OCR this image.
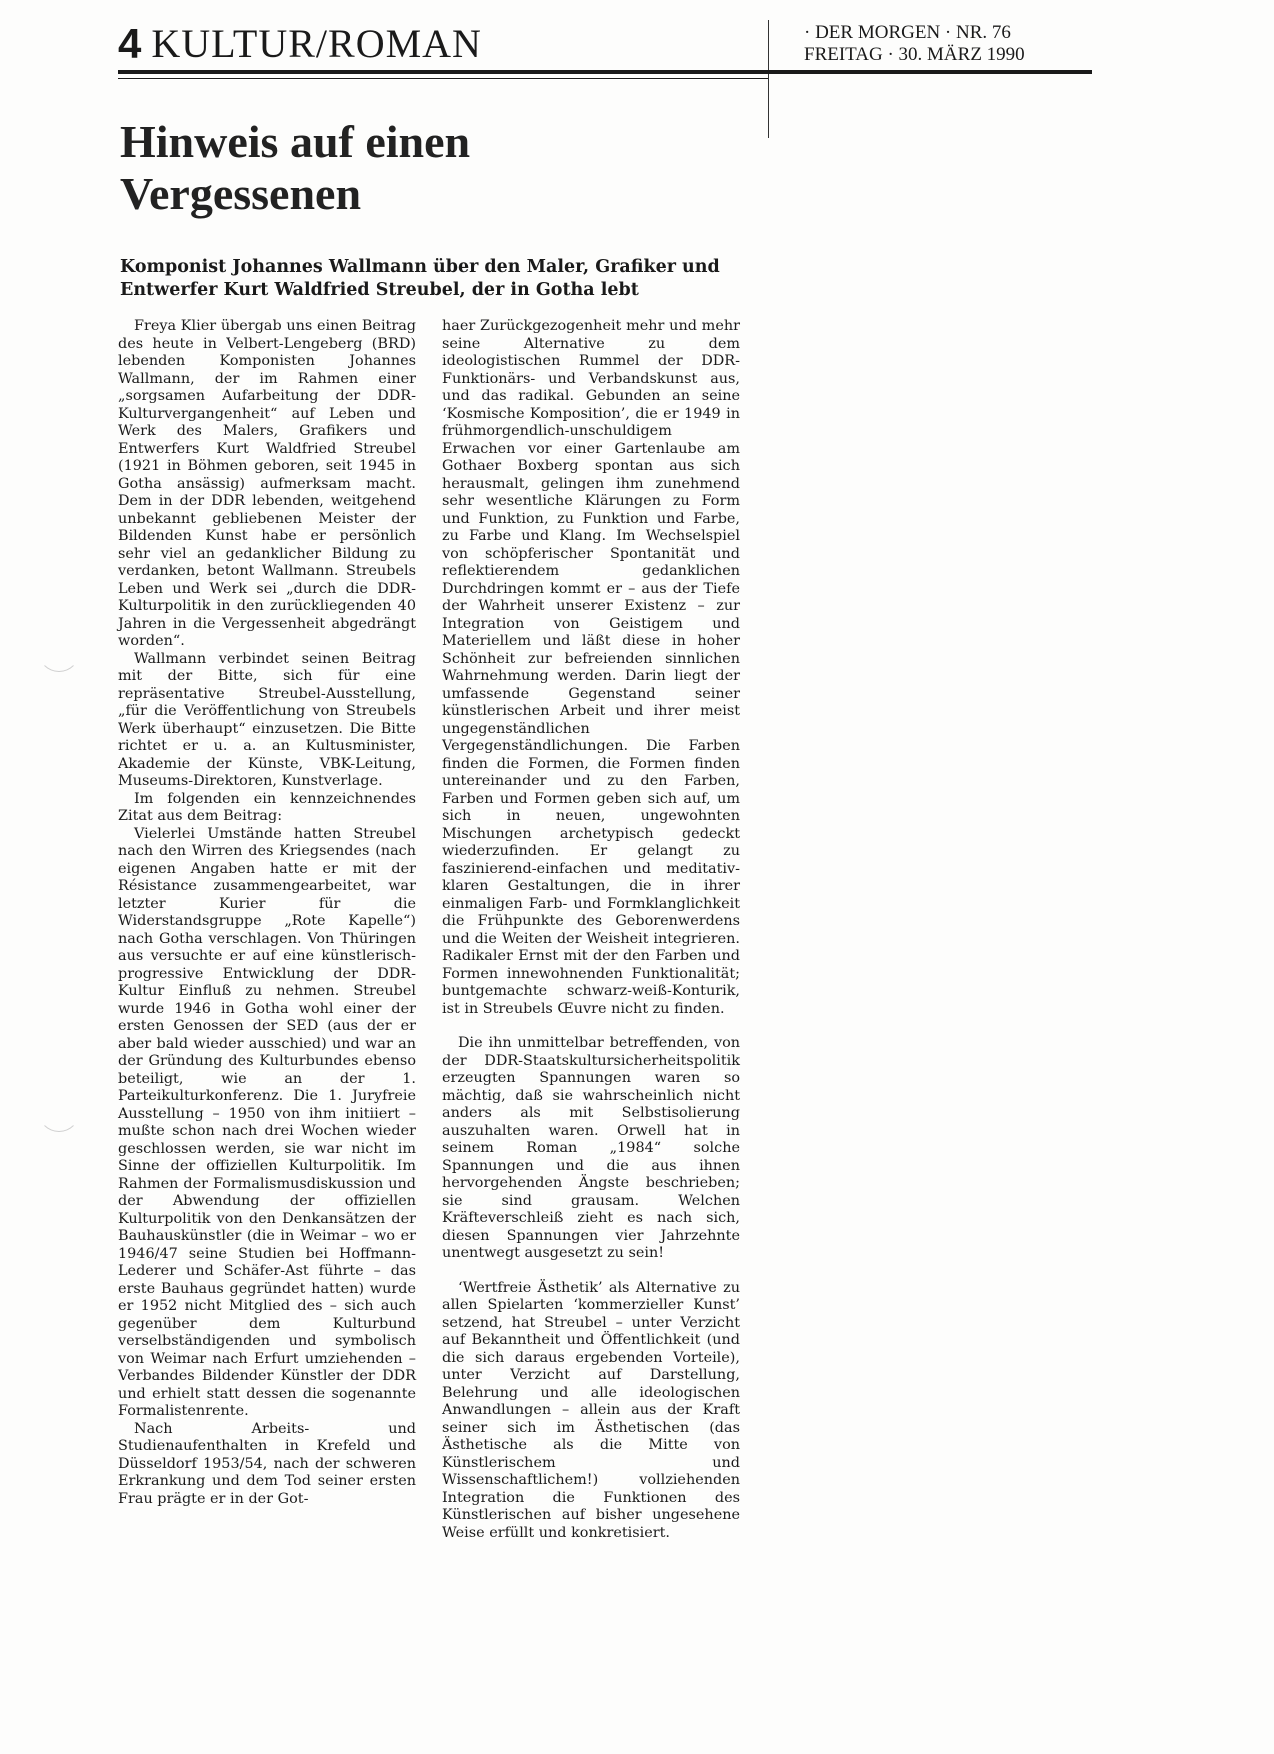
4 KULTUR/ROMAN	· DER MORGEN · NR. 76
FREITAG · 30. MÄRZ 1990
Hinweis auf einen Vergessenen
Komponist Johannes Wallmann über den Maler, Grafiker und Entwerfer Kurt Waldfried Streubel, der in Gotha lebt

Freya Klier übergab uns einen Beitrag des heute in Velbert-Lengeberg (BRD) lebenden Komponisten Johannes Wallmann, der im Rahmen einer „sorgsamen Aufarbeitung der DDR-Kulturvergangenheit“ auf Leben und Werk des Malers, Grafikers und Entwerfers Kurt Waldfried Streubel (1921 in Böhmen geboren, seit 1945 in Gotha ansässig) aufmerksam macht. Dem in der DDR lebenden, weitgehend unbekannt gebliebenen Meister der Bildenden Kunst habe er persönlich sehr viel an gedanklicher Bildung zu verdanken, betont Wallmann. Streubels Leben und Werk sei „durch die DDR-Kulturpolitik in den zurückliegenden 40 Jahren in die Vergessenheit abgedrängt worden“.

Wallmann verbindet seinen Beitrag mit der Bitte, sich für eine repräsentative Streubel-Ausstellung, „für die Veröffentlichung von Streubels Werk überhaupt“ einzusetzen. Die Bitte richtet er u. a. an Kultusminister, Akademie der Künste, VBK-Leitung, Museums-Direktoren, Kunstverlage.

Im folgenden ein kennzeichnendes Zitat aus dem Beitrag:

Vielerlei Umstände hatten Streubel nach den Wirren des Kriegsendes (nach eigenen Angaben hatte er mit der Résistance zusammengearbeitet, war letzter Kurier für die Widerstandsgruppe „Rote Kapelle“) nach Gotha verschlagen. Von Thüringen aus versuchte er auf eine künstlerisch-progressive Entwicklung der DDR-Kultur Einfluß zu nehmen. Streubel wurde 1946 in Gotha wohl einer der ersten Genossen der SED (aus der er aber bald wieder ausschied) und war an der Gründung des Kulturbundes ebenso beteiligt, wie an der 1. Parteikulturkonferenz. Die 1. Juryfreie Ausstellung – 1950 von ihm initiiert – mußte schon nach drei Wochen wieder geschlossen werden, sie war nicht im Sinne der offiziellen Kulturpolitik. Im Rahmen der Formalismusdiskussion und der Abwendung der offiziellen Kulturpolitik von den Denkansätzen der Bauhauskünstler (die in Weimar – wo er 1946/47 seine Studien bei Hoffmann-Lederer und Schäfer-Ast führte – das erste Bauhaus gegründet hatten) wurde er 1952 nicht Mitglied des – sich auch gegenüber dem Kulturbund verselbständigenden und symbolisch von Weimar nach Erfurt umziehenden – Verbandes Bildender Künstler der DDR und erhielt statt dessen die sogenannte Formalistenrente.

Nach Arbeits- und Studienaufenthalten in Krefeld und Düsseldorf 1953/54, nach der schweren Erkrankung und dem Tod seiner ersten Frau prägte er in der Got-

haer Zurückgezogenheit mehr und mehr seine Alternative zu dem ideologistischen Rummel der DDR-Funktionärs- und Verbandskunst aus, und das radikal. Gebunden an seine ‘Kosmische Komposition’, die er 1949 in frühmorgendlich-unschuldigem Erwachen vor einer Gartenlaube am Gothaer Boxberg spontan aus sich herausmalt, gelingen ihm zunehmend sehr wesentliche Klärungen zu Form und Funktion, zu Funktion und Farbe, zu Farbe und Klang. Im Wechselspiel von schöpferischer Spontanität und reflektierendem gedanklichen Durchdringen kommt er – aus der Tiefe der Wahrheit unserer Existenz – zur Integration von Geistigem und Materiellem und läßt diese in hoher Schönheit zur befreienden sinnlichen Wahrnehmung werden. Darin liegt der umfassende Gegenstand seiner künstlerischen Arbeit und ihrer meist ungegenständlichen Vergegenständlichungen. Die Farben finden die Formen, die Formen finden untereinander und zu den Farben, Farben und Formen geben sich auf, um sich in neuen, ungewohnten Mischungen archetypisch gedeckt wiederzufinden. Er gelangt zu faszinierend-einfachen und meditativ-klaren Gestaltungen, die in ihrer einmaligen Farb- und Formklanglichkeit die Frühpunkte des Geborenwerdens und die Weiten der Weisheit integrieren. Radikaler Ernst mit der den Farben und Formen innewohnenden Funktionalität; buntgemachte schwarz-weiß-Konturik, ist in Streubels Œuvre nicht zu finden.

Die ihn unmittelbar betreffenden, von der DDR-Staatskultursicherheitspolitik erzeugten Spannungen waren so mächtig, daß sie wahrscheinlich nicht anders als mit Selbstisolierung auszuhalten waren. Orwell hat in seinem Roman „1984“ solche Spannungen und die aus ihnen hervorgehenden Ängste beschrieben; sie sind grausam. Welchen Kräfteverschleiß zieht es nach sich, diesen Spannungen vier Jahrzehnte unentwegt ausgesetzt zu sein!

‘Wertfreie Ästhetik’ als Alternative zu allen Spielarten ‘kommerzieller Kunst’ setzend, hat Streubel – unter Verzicht auf Bekanntheit und Öffentlichkeit (und die sich daraus ergebenden Vorteile), unter Verzicht auf Darstellung, Belehrung und alle ideologischen Anwandlungen – allein aus der Kraft seiner sich im Ästhetischen (das Ästhetische als die Mitte von Künstlerischem und Wissenschaftlichem!) vollziehenden Integration die Funktionen des Künstlerischen auf bisher ungesehene Weise erfüllt und konkretisiert.
